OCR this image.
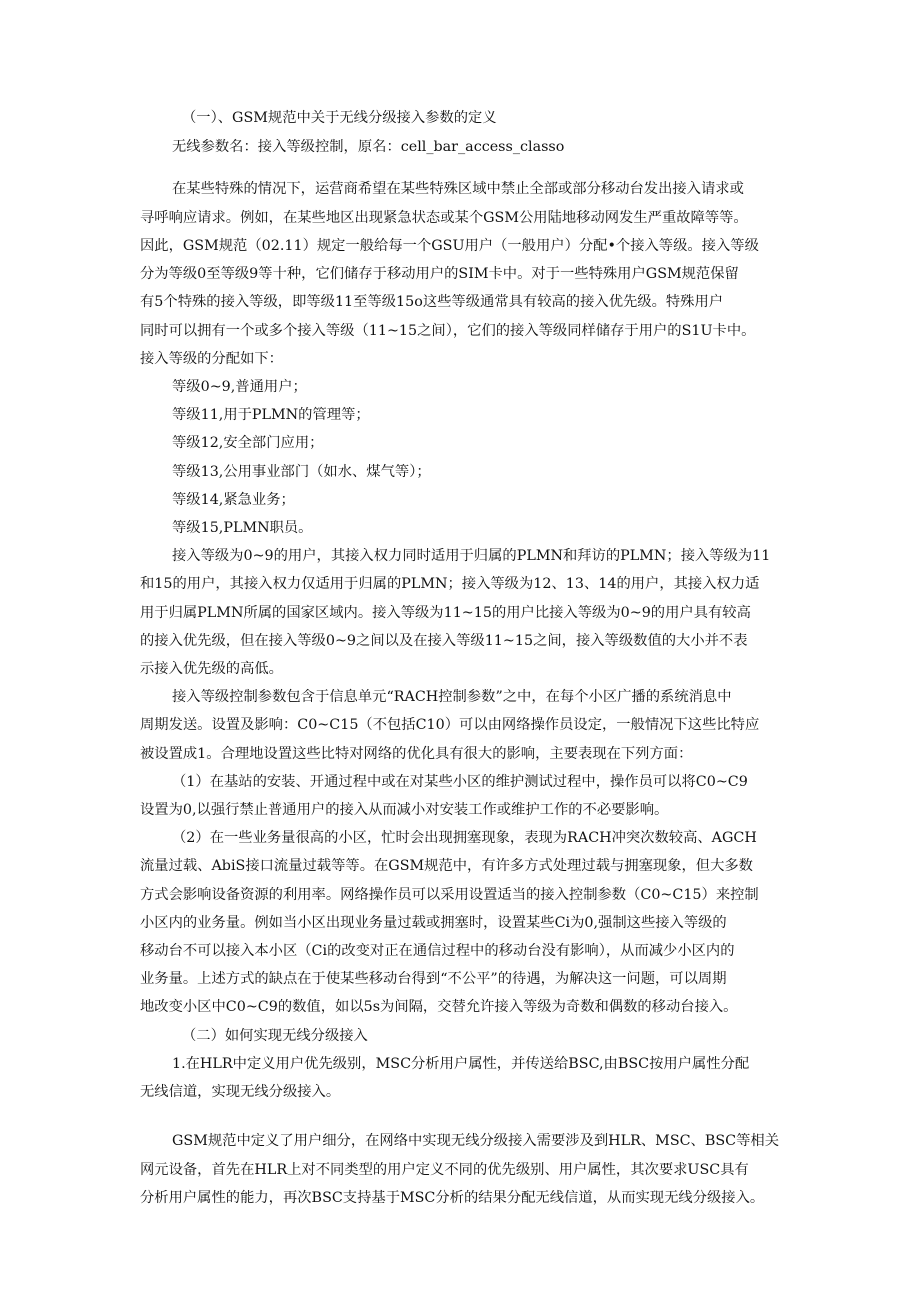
（一）、GSM规范中关于无线分级接入参数的定义
无线参数名：接入等级控制，原名：cell_bar_access_classo
在某些特殊的情况下，运营商希望在某些特殊区域中禁止全部或部分移动台发出接入请求或
寻呼响应请求。例如，在某些地区出现紧急状态或某个GSM公用陆地移动网发生严重故障等等。
因此，GSM规范（02.11）规定一般给每一个GSU用户（一般用户）分配•个接入等级。接入等级
分为等级0至等级9等十种，它们储存于移动用户的SIM卡中。对于一些特殊用户GSM规范保留
有5个特殊的接入等级，即等级11至等级15o这些等级通常具有较高的接入优先级。特殊用户
同时可以拥有一个或多个接入等级（11~15之间），它们的接入等级同样储存于用户的S1U卡中。
接入等级的分配如下：
等级0~9,普通用户；
等级11,用于PLMN的管理等；
等级12,安全部门应用；
等级13,公用事业部门（如水、煤气等）；
等级14,紧急业务；
等级15,PLMN职员。
接入等级为0~9的用户，其接入权力同时适用于归属的PLMN和拜访的PLMN；接入等级为11
和15的用户，其接入权力仅适用于归属的PLMN；接入等级为12、13、14的用户，其接入权力适
用于归属PLMN所属的国家区域内。接入等级为11~15的用户比接入等级为0~9的用户具有较高
的接入优先级，但在接入等级0~9之间以及在接入等级11~15之间，接入等级数值的大小并不表
示接入优先级的高低。
接入等级控制参数包含于信息单元“RACH控制参数”之中，在每个小区广播的系统消息中
周期发送。设置及影响：C0~C15（不包括C10）可以由网络操作员设定，一般情况下这些比特应
被设置成1。合理地设置这些比特对网络的优化具有很大的影响，主要表现在下列方面：
（1）在基站的安装、开通过程中或在对某些小区的维护测试过程中，操作员可以将C0~C9
设置为0,以强行禁止普通用户的接入从而减小对安装工作或维护工作的不必要影响。
（2）在一些业务量很高的小区，忙时会出现拥塞现象，表现为RACH冲突次数较高、AGCH
流量过载、AbiS接口流量过载等等。在GSM规范中，有许多方式处理过载与拥塞现象，但大多数
方式会影响设备资源的利用率。网络操作员可以采用设置适当的接入控制参数（C0~C15）来控制
小区内的业务量。例如当小区出现业务量过载或拥塞时，设置某些Ci为0,强制这些接入等级的
移动台不可以接入本小区（Ci的改变对正在通信过程中的移动台没有影响），从而减少小区内的
业务量。上述方式的缺点在于使某些移动台得到“不公平”的待遇，为解决这一问题，可以周期
地改变小区中C0~C9的数值，如以5s为间隔，交替允许接入等级为奇数和偶数的移动台接入。
（二）如何实现无线分级接入
1.在HLR中定义用户优先级别，MSC分析用户属性，并传送给BSC,由BSC按用户属性分配
无线信道，实现无线分级接入。
GSM规范中定义了用户细分，在网络中实现无线分级接入需要涉及到HLR、MSC、BSC等相关
网元设备，首先在HLR上对不同类型的用户定义不同的优先级别、用户属性，其次要求USC具有
分析用户属性的能力，再次BSC支持基于MSC分析的结果分配无线信道，从而实现无线分级接入。
